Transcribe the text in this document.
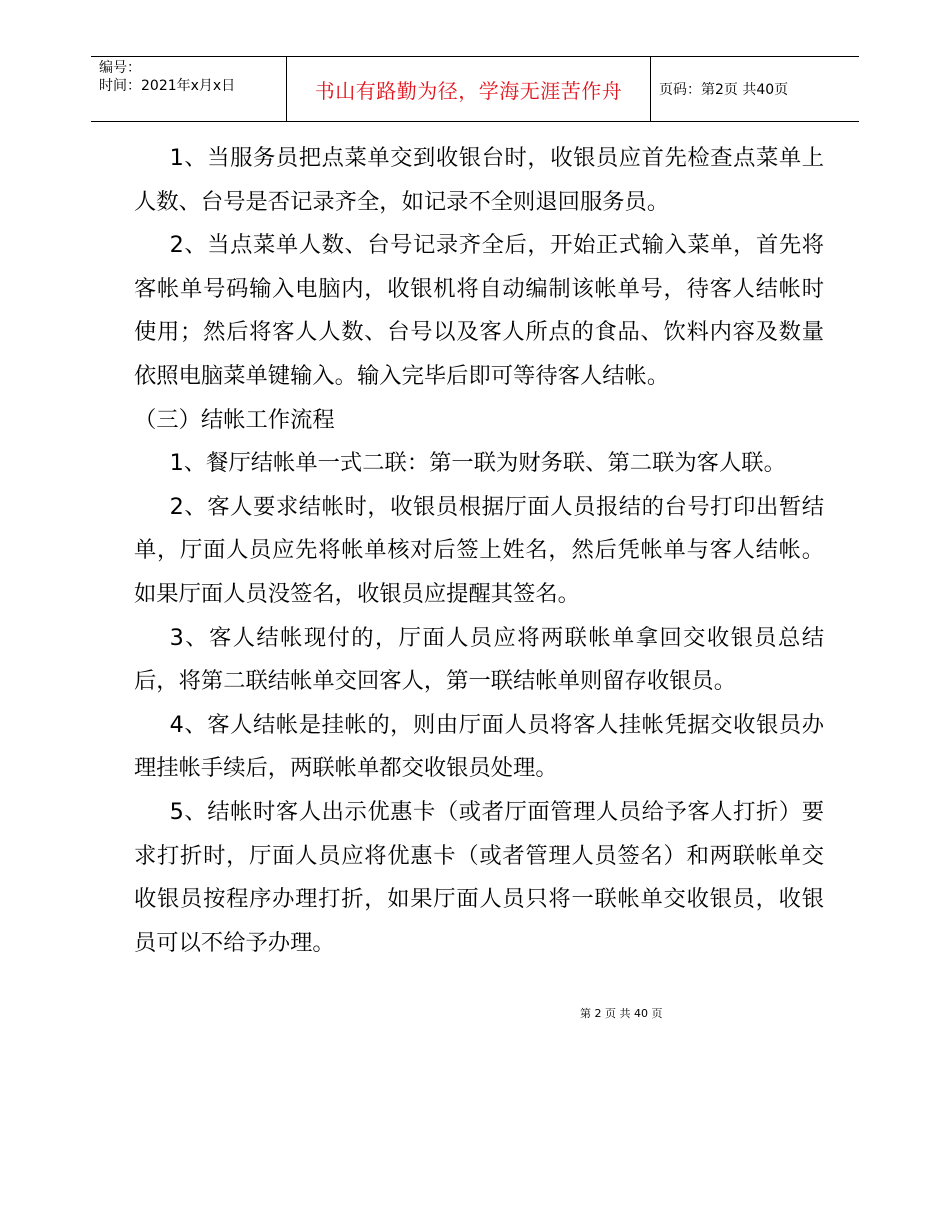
编号：
时间：2021年x月x日	书山有路勤为径，学海无涯苦作舟	页码：第2页 共40页

1、当服务员把点菜单交到收银台时，收银员应首先检查点菜单上人数、台号是否记录齐全，如记录不全则退回服务员。

2、当点菜单人数、台号记录齐全后，开始正式输入菜单，首先将客帐单号码输入电脑内，收银机将自动编制该帐单号，待客人结帐时使用；然后将客人人数、台号以及客人所点的食品、饮料内容及数量依照电脑菜单键输入。输入完毕后即可等待客人结帐。

（三）结帐工作流程

1、餐厅结帐单一式二联：第一联为财务联、第二联为客人联。

2、客人要求结帐时，收银员根据厅面人员报结的台号打印出暂结单，厅面人员应先将帐单核对后签上姓名，然后凭帐单与客人结帐。如果厅面人员没签名，收银员应提醒其签名。

3、客人结帐现付的，厅面人员应将两联帐单拿回交收银员总结后，将第二联结帐单交回客人，第一联结帐单则留存收银员。

4、客人结帐是挂帐的，则由厅面人员将客人挂帐凭据交收银员办理挂帐手续后，两联帐单都交收银员处理。

5、结帐时客人出示优惠卡（或者厅面管理人员给予客人打折）要求打折时，厅面人员应将优惠卡（或者管理人员签名）和两联帐单交收银员按程序办理打折，如果厅面人员只将一联帐单交收银员，收银员可以不给予办理。

第 2 页 共 40 页
